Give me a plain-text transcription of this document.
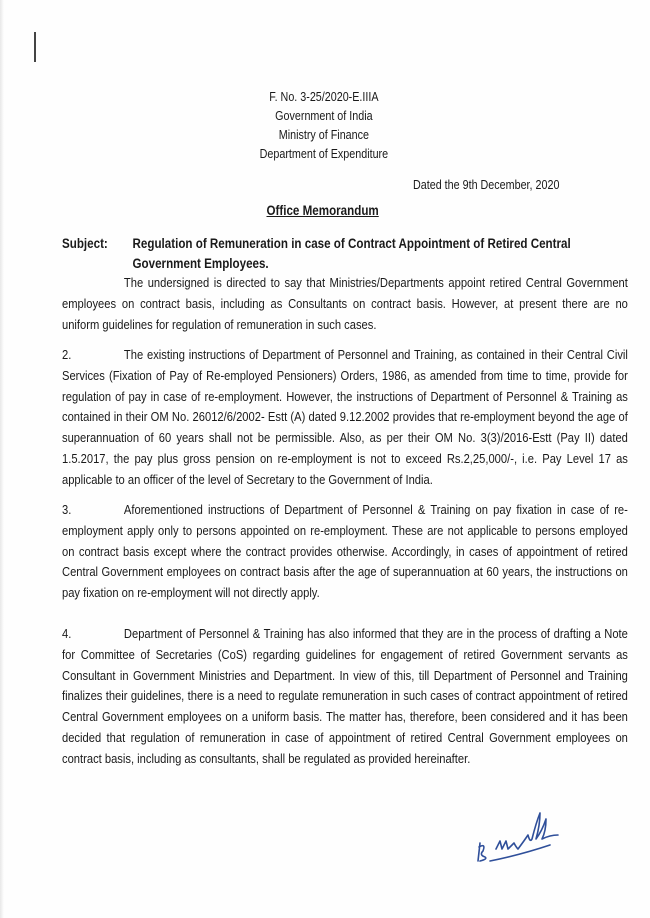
F. No. 3-25/2020-E.IIIA
Government of India
Ministry of Finance
Department of Expenditure
Dated the 9th December, 2020
Office Memorandum
Subject: Regulation of Remuneration in case of Contract Appointment of Retired Central Government Employees.
The undersigned is directed to say that Ministries/Departments appoint retired Central Government employees on contract basis, including as Consultants on contract basis. However, at present there are no uniform guidelines for regulation of remuneration in such cases.
2.	The existing instructions of Department of Personnel and Training, as contained in their Central Civil Services (Fixation of Pay of Re-employed Pensioners) Orders, 1986, as amended from time to time, provide for regulation of pay in case of re-employment. However, the instructions of Department of Personnel & Training as contained in their OM No. 26012/6/2002- Estt (A) dated 9.12.2002 provides that re-employment beyond the age of superannuation of 60 years shall not be permissible. Also, as per their OM No. 3(3)/2016-Estt (Pay II) dated 1.5.2017, the pay plus gross pension on re-employment is not to exceed Rs.2,25,000/-, i.e. Pay Level 17 as applicable to an officer of the level of Secretary to the Government of India.
3.	Aforementioned instructions of Department of Personnel & Training on pay fixation in case of re-employment apply only to persons appointed on re-employment. These are not applicable to persons employed on contract basis except where the contract provides otherwise. Accordingly, in cases of appointment of retired Central Government employees on contract basis after the age of superannuation at 60 years, the instructions on pay fixation on re-employment will not directly apply.
4.	Department of Personnel & Training has also informed that they are in the process of drafting a Note for Committee of Secretaries (CoS) regarding guidelines for engagement of retired Government servants as Consultant in Government Ministries and Department. In view of this, till Department of Personnel and Training finalizes their guidelines, there is a need to regulate remuneration in such cases of contract appointment of retired Central Government employees on a uniform basis. The matter has, therefore, been considered and it has been decided that regulation of remuneration in case of appointment of retired Central Government employees on contract basis, including as consultants, shall be regulated as provided hereinafter.
